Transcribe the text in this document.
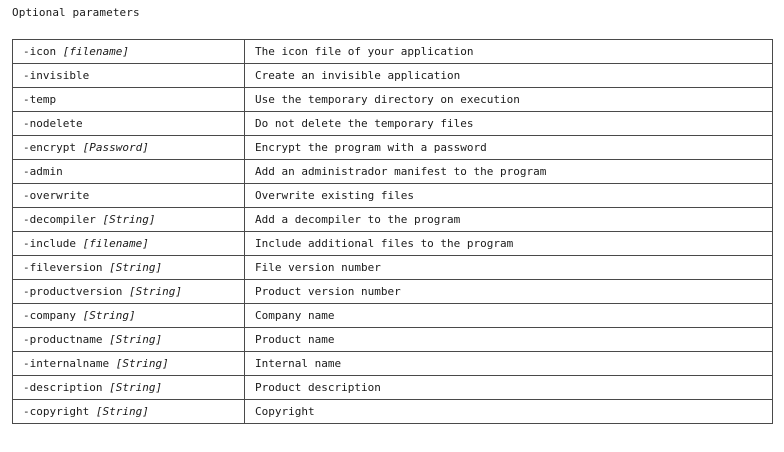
Optional parameters
-icon [filename]	The icon file of your application
-invisible	Create an invisible application
-temp	Use the temporary directory on execution
-nodelete	Do not delete the temporary files
-encrypt [Password]	Encrypt the program with a password
-admin	Add an administrador manifest to the program
-overwrite	Overwrite existing files
-decompiler [String]	Add a decompiler to the program
-include [filename]	Include additional files to the program
-fileversion [String]	File version number
-productversion [String]	Product version number
-company [String]	Company name
-productname [String]	Product name
-internalname [String]	Internal name
-description [String]	Product description
-copyright [String]	Copyright
